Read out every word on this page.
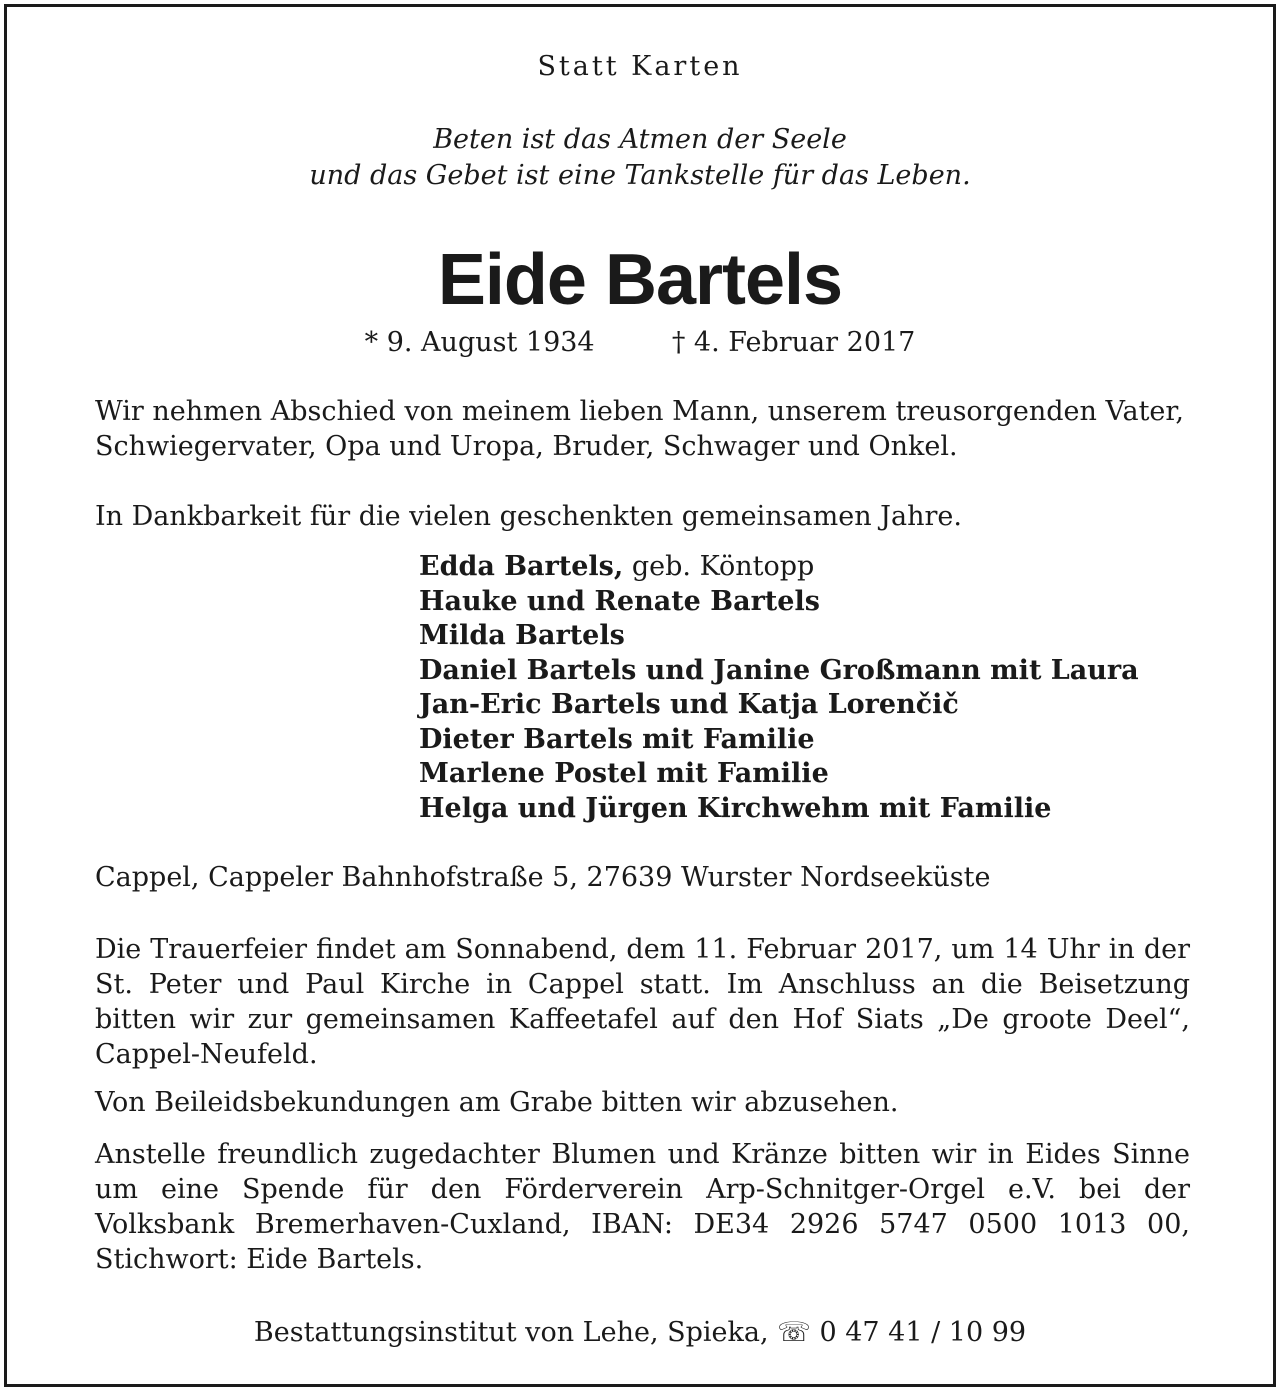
Statt Karten
Beten ist das Atmen der Seele
und das Gebet ist eine Tankstelle für das Leben.
Eide Bartels
* 9. August 1934	† 4. Februar 2017

Wir nehmen Abschied von meinem lieben Mann, unserem treusorgenden Vater, Schwiegervater, Opa und Uropa, Bruder, Schwager und Onkel.

In Dankbarkeit für die vielen geschenkten gemeinsamen Jahre.

Edda Bartels, geb. Köntopp
Hauke und Renate Bartels
Milda Bartels
Daniel Bartels und Janine Großmann mit Laura
Jan-Eric Bartels und Katja Lorenčič
Dieter Bartels mit Familie
Marlene Postel mit Familie
Helga und Jürgen Kirchwehm mit Familie

Cappel, Cappeler Bahnhofstraße 5, 27639 Wurster Nordseeküste

Die Trauerfeier findet am Sonnabend, dem 11. Februar 2017, um 14 Uhr in der St. Peter und Paul Kirche in Cappel statt. Im Anschluss an die Beisetzung bitten wir zur gemeinsamen Kaffeetafel auf den Hof Siats „De groote Deel“, Cappel-Neufeld.

Von Beileidsbekundungen am Grabe bitten wir abzusehen.

Anstelle freundlich zugedachter Blumen und Kränze bitten wir in Eides Sinne um eine Spende für den Förderverein Arp-Schnitger-Orgel e.V. bei der Volksbank Bremerhaven-Cuxland, IBAN: DE34 2926 5747 0500 1013 00, Stichwort: Eide Bartels.

Bestattungsinstitut von Lehe, Spieka, ☏ 0 47 41 / 10 99
